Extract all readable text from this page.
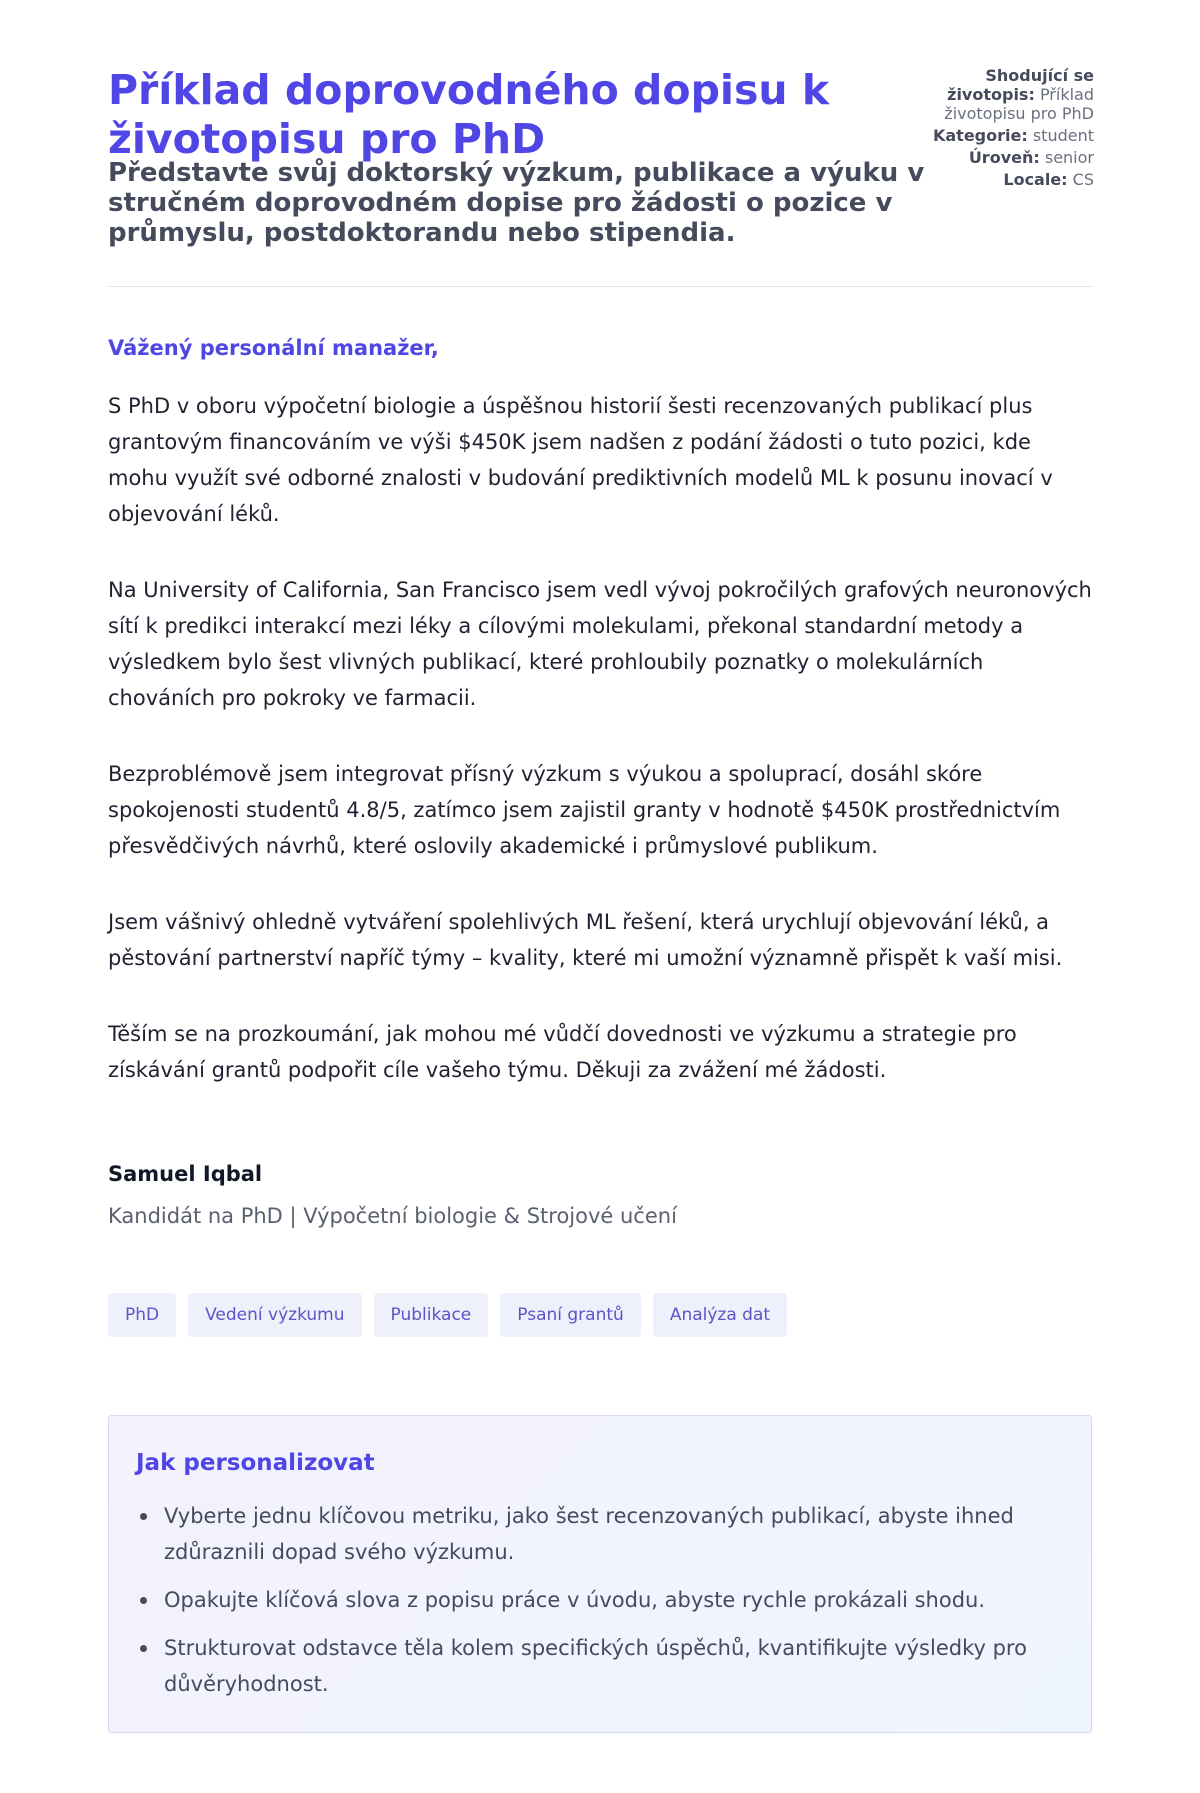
Příklad doprovodného dopisu k životopisu pro PhD
Představte svůj doktorský výzkum, publikace a výuku v stručném doprovodném dopise pro žádosti o pozice v průmyslu, postdoktorandu nebo stipendia.
Shodující se životopis: Příklad životopisu pro PhD
Kategorie: student
Úroveň: senior
Locale: CS
Vážený personální manažer,

S PhD v oboru výpočetní biologie a úspěšnou historií šesti recenzovaných publikací plus grantovým financováním ve výši $450K jsem nadšen z podání žádosti o tuto pozici, kde mohu využít své odborné znalosti v budování prediktivních modelů ML k posunu inovací v objevování léků.

Na University of California, San Francisco jsem vedl vývoj pokročilých grafových neuronových sítí k predikci interakcí mezi léky a cílovými molekulami, překonal standardní metody a výsledkem bylo šest vlivných publikací, které prohloubily poznatky o molekulárních chováních pro pokroky ve farmacii.

Bezproblémově jsem integrovat přísný výzkum s výukou a spoluprací, dosáhl skóre spokojenosti studentů 4.8/5, zatímco jsem zajistil granty v hodnotě $450K prostřednictvím přesvědčivých návrhů, které oslovily akademické i průmyslové publikum.

Jsem vášnivý ohledně vytváření spolehlivých ML řešení, která urychlují objevování léků, a pěstování partnerství napříč týmy – kvality, které mi umožní významně přispět k vaší misi.

Těším se na prozkoumání, jak mohou mé vůdčí dovednosti ve výzkumu a strategie pro získávání grantů podpořit cíle vašeho týmu. Děkuji za zvážení mé žádosti.

Samuel Iqbal

Kandidát na PhD | Výpočetní biologie & Strojové učení

PhD	Vedení výzkumu	Publikace	Psaní grantů	Analýza dat
Jak personalizovat
Vyberte jednu klíčovou metriku, jako šest recenzovaných publikací, abyste ihned zdůraznili dopad svého výzkumu.
Opakujte klíčová slova z popisu práce v úvodu, abyste rychle prokázali shodu.
Strukturovat odstavce těla kolem specifických úspěchů, kvantifikujte výsledky pro důvěryhodnost.
